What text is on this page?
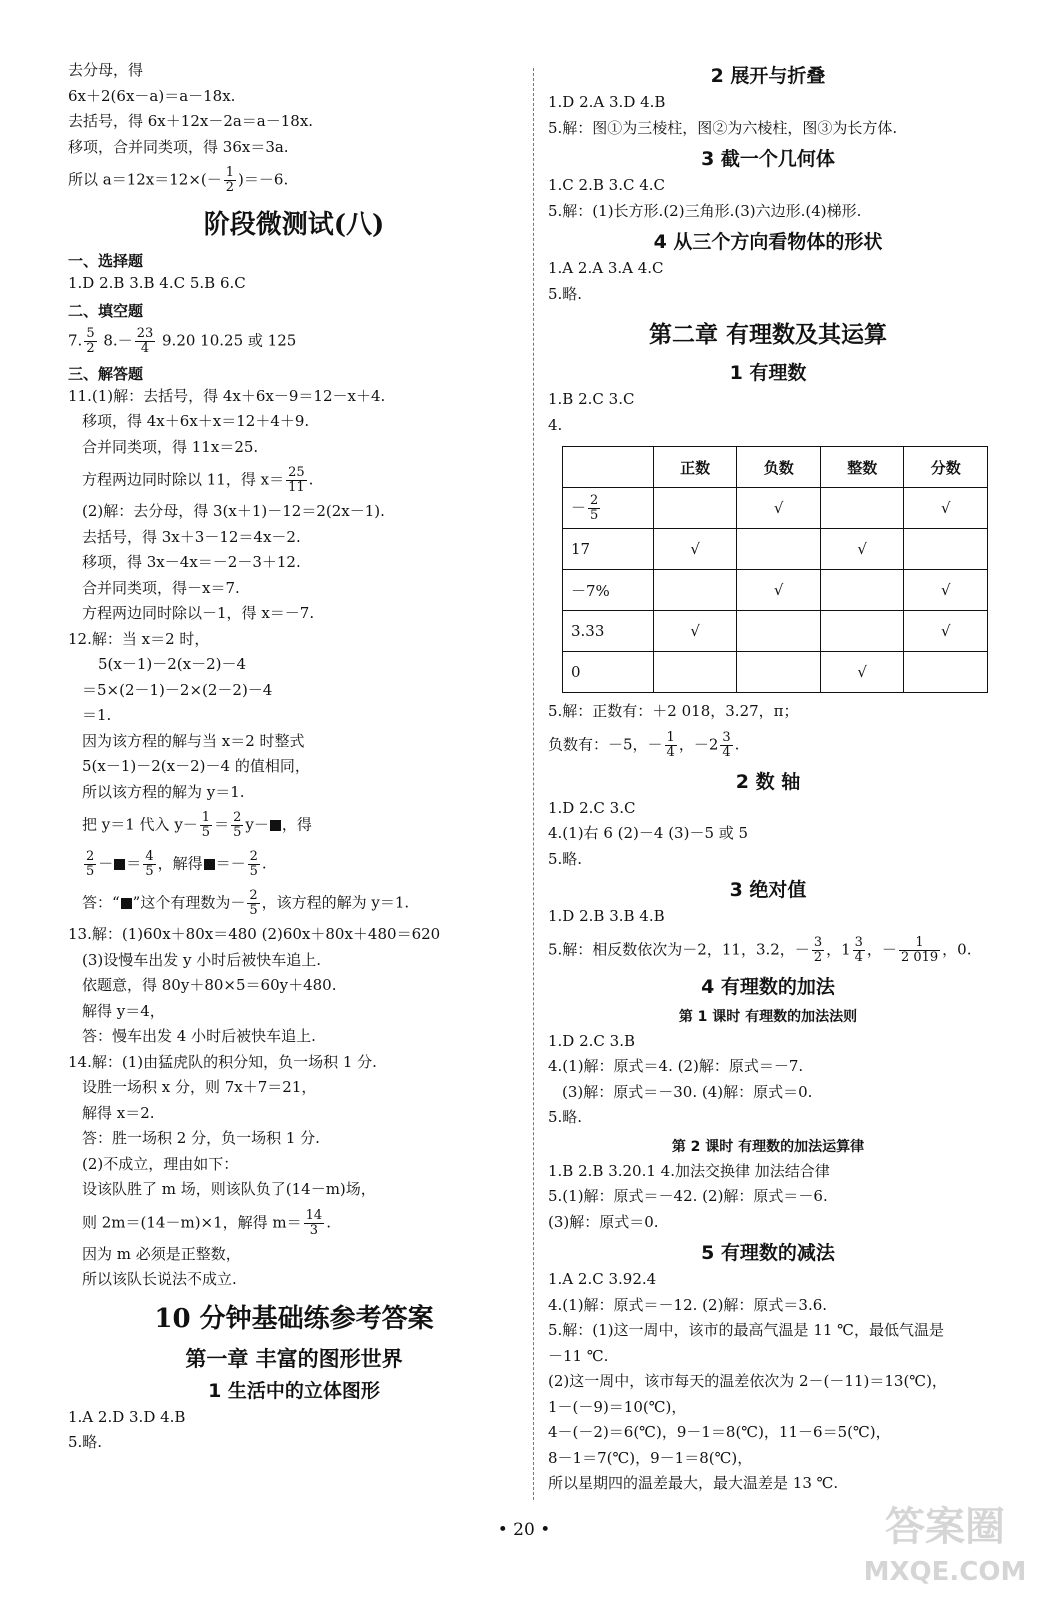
去分母，得
6x＋2(6x－a)＝a－18x.
去括号，得 6x＋12x－2a＝a－18x.
移项，合并同类项，得 36x＝3a.
所以 $a=12x=12\times(- \frac{1}{2} )=-6$.
阶段微测试(八)
一、选择题
1.D 2.B 3.B 4.C 5.B 6.C
二、填空题
7. $\frac{5}{2} 8.- \frac{23}{4} 9.20$ 10.25 或 125
三、解答题
11.(1)解：去括号，得 4x＋6x－9＝12－x＋4.
移项，得 4x＋6x＋x＝12＋4＋9.
合并同类项，得 11x＝25.
方程两边同时除以 11，得 $x= \frac{25}{11}$ .
(2)解：去分母，得 3(x＋1)－12＝2(2x－1).
去括号，得 3x＋3－12＝4x－2.
移项，得 3x－4x＝－2－3＋12.
合并同类项，得－x＝7.
方程两边同时除以－1，得 x＝－7.
12.解：当 x＝2 时，
5(x－1)－2(x－2)－4
＝5×(2－1)－2×(2－2)－4
＝1.
因为该方程的解与当 x＝2 时整式
5(x－1)－2(x－2)－4 的值相同，
所以该方程的解为 y＝1.
把 y＝1 代入 $y- \frac{1}{5} = \frac{2}{5} y-$ ，得
$\frac{2}{5}$ － ＝ $\frac{4}{5}$ ，解得 ＝－ $\frac{2}{5}$ .
答：“ ”这个有理数为－ $\frac{2}{5}$ ，该方程的解为 y＝1.
13.解：(1)60x＋80x＝480 (2)60x＋80x＋480＝620
(3)设慢车出发 y 小时后被快车追上.
依题意，得 80y＋80×5＝60y＋480.
解得 y＝4，
答：慢车出发 4 小时后被快车追上.
14.解：(1)由猛虎队的积分知，负一场积 1 分.
设胜一场积 x 分，则 7x＋7＝21，
解得 x＝2.
答：胜一场积 2 分，负一场积 1 分.
(2)不成立，理由如下：
设该队胜了 m 场，则该队负了(14－m)场，
则 2m＝(14－m)×1，解得 $m= \frac{14}{3}$ .
因为 m 必须是正整数，
所以该队长说法不成立.
10 分钟基础练参考答案
第一章 丰富的图形世界
1 生活中的立体图形
1.A 2.D 3.D 4.B
5.略.
2 展开与折叠
1.D 2.A 3.D 4.B
5.解：图①为三棱柱，图②为六棱柱，图③为长方体.
3 截一个几何体
1.C 2.B 3.C 4.C
5.解：(1)长方形.(2)三角形.(3)六边形.(4)梯形.
4 从三个方向看物体的形状
1.A 2.A 3.A 4.C
5.略.
第二章 有理数及其运算
1 有理数
1.B 2.C 3.C
4.
	正数	负数	整数	分数
－ $\frac{2}{5}$		√		√
17	√		√	
－7%		√		√
3.33	√			√
0			√	
5.解：正数有：＋2 018，3.27，π；
负数有：－5，－ $\frac{1}{4}$ ，$-2 \frac{3}{4}$ .
2 数 轴
1.D 2.C 3.C
4.(1)右 6 (2)－4 (3)－5 或 5
5.略.
3 绝对值
1.D 2.B 3.B 4.B
5.解：相反数依次为－2，11，3.2，－ $\frac{3}{2}$ ，$1 \frac{3}{4}$ ，－ $\frac{1}{2 019}$ ，0.
4 有理数的加法
第 1 课时 有理数的加法法则
1.D 2.C 3.B
4.(1)解：原式＝4. (2)解：原式＝－7.
(3)解：原式＝－30. (4)解：原式＝0.
5.略.
第 2 课时 有理数的加法运算律
1.B 2.B 3.20.1 4.加法交换律 加法结合律
5.(1)解：原式＝－42. (2)解：原式＝－6.
(3)解：原式＝0.
5 有理数的减法
1.A 2.C 3.92.4
4.(1)解：原式＝－12. (2)解：原式＝3.6.
5.解：(1)这一周中，该市的最高气温是 11 ℃，最低气温是
－11 ℃.
(2)这一周中，该市每天的温差依次为 2－(－11)＝13(℃)，
1－(－9)＝10(℃)，
4－(－2)＝6(℃)，9－1＝8(℃)，11－6＝5(℃)，
8－1＝7(℃)，9－1＝8(℃)，
所以星期四的温差最大，最大温差是 13 ℃.
• 20 •	答案圈
MXQE.COM
